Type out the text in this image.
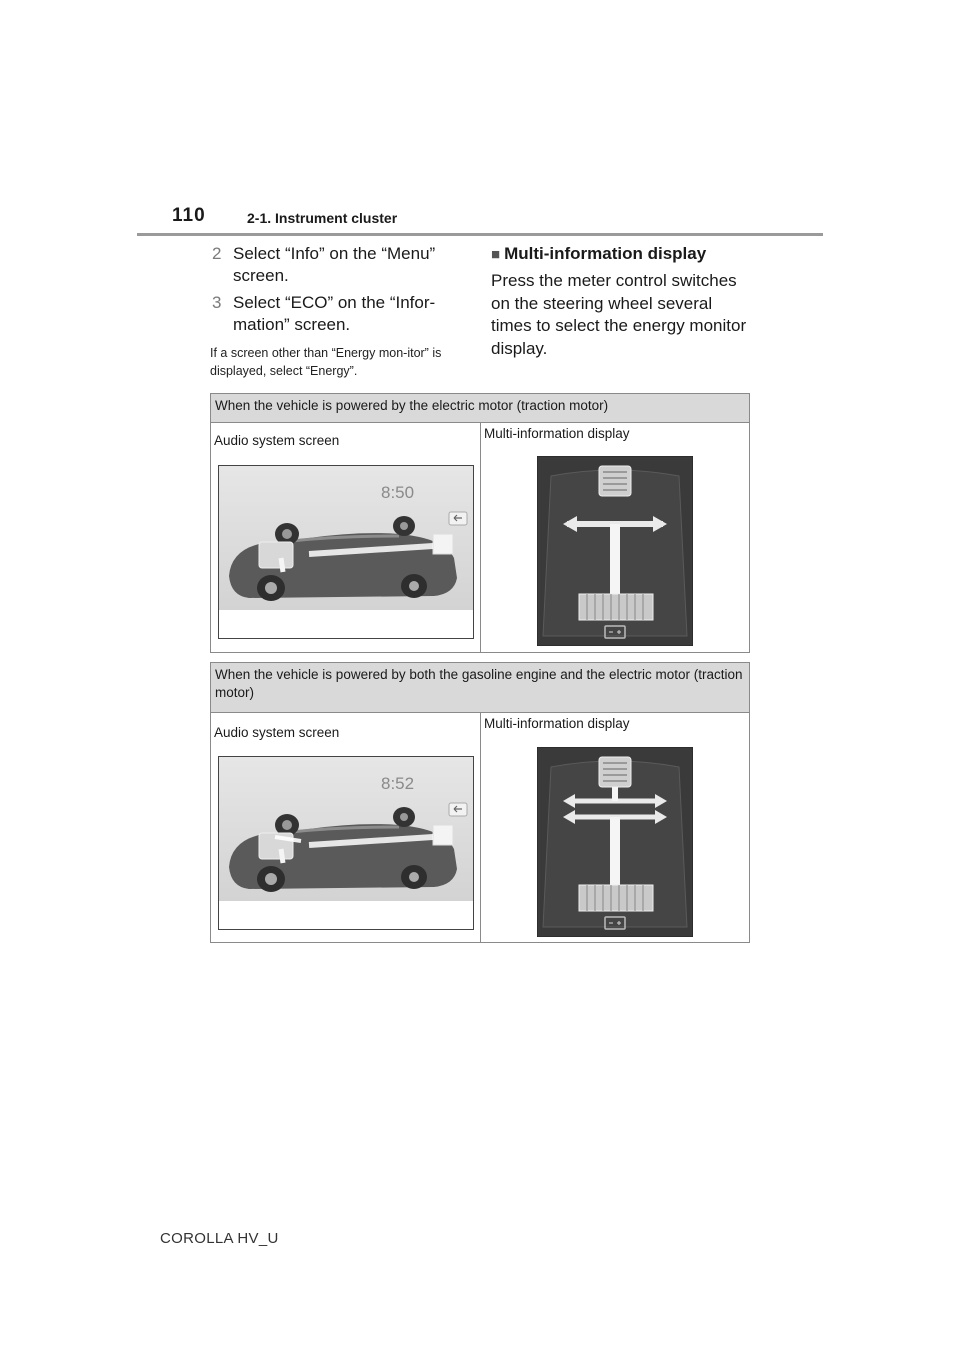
110	2-1. Instrument cluster
2 Select “Info” on the “Menu” screen.
3 Select “ECO” on the “Infor-mation” screen.
If a screen other than “Energy mon-itor” is displayed, select “Energy”.
■ Multi-information display
Press the meter control switches on the steering wheel several times to select the energy monitor display.
When the vehicle is powered by the electric motor (traction motor)
Audio system screen
8:50
Multi-information display
When the vehicle is powered by both the gasoline engine and the electric motor (traction motor)
Audio system screen
8:52
Multi-information display
COROLLA HV_U
